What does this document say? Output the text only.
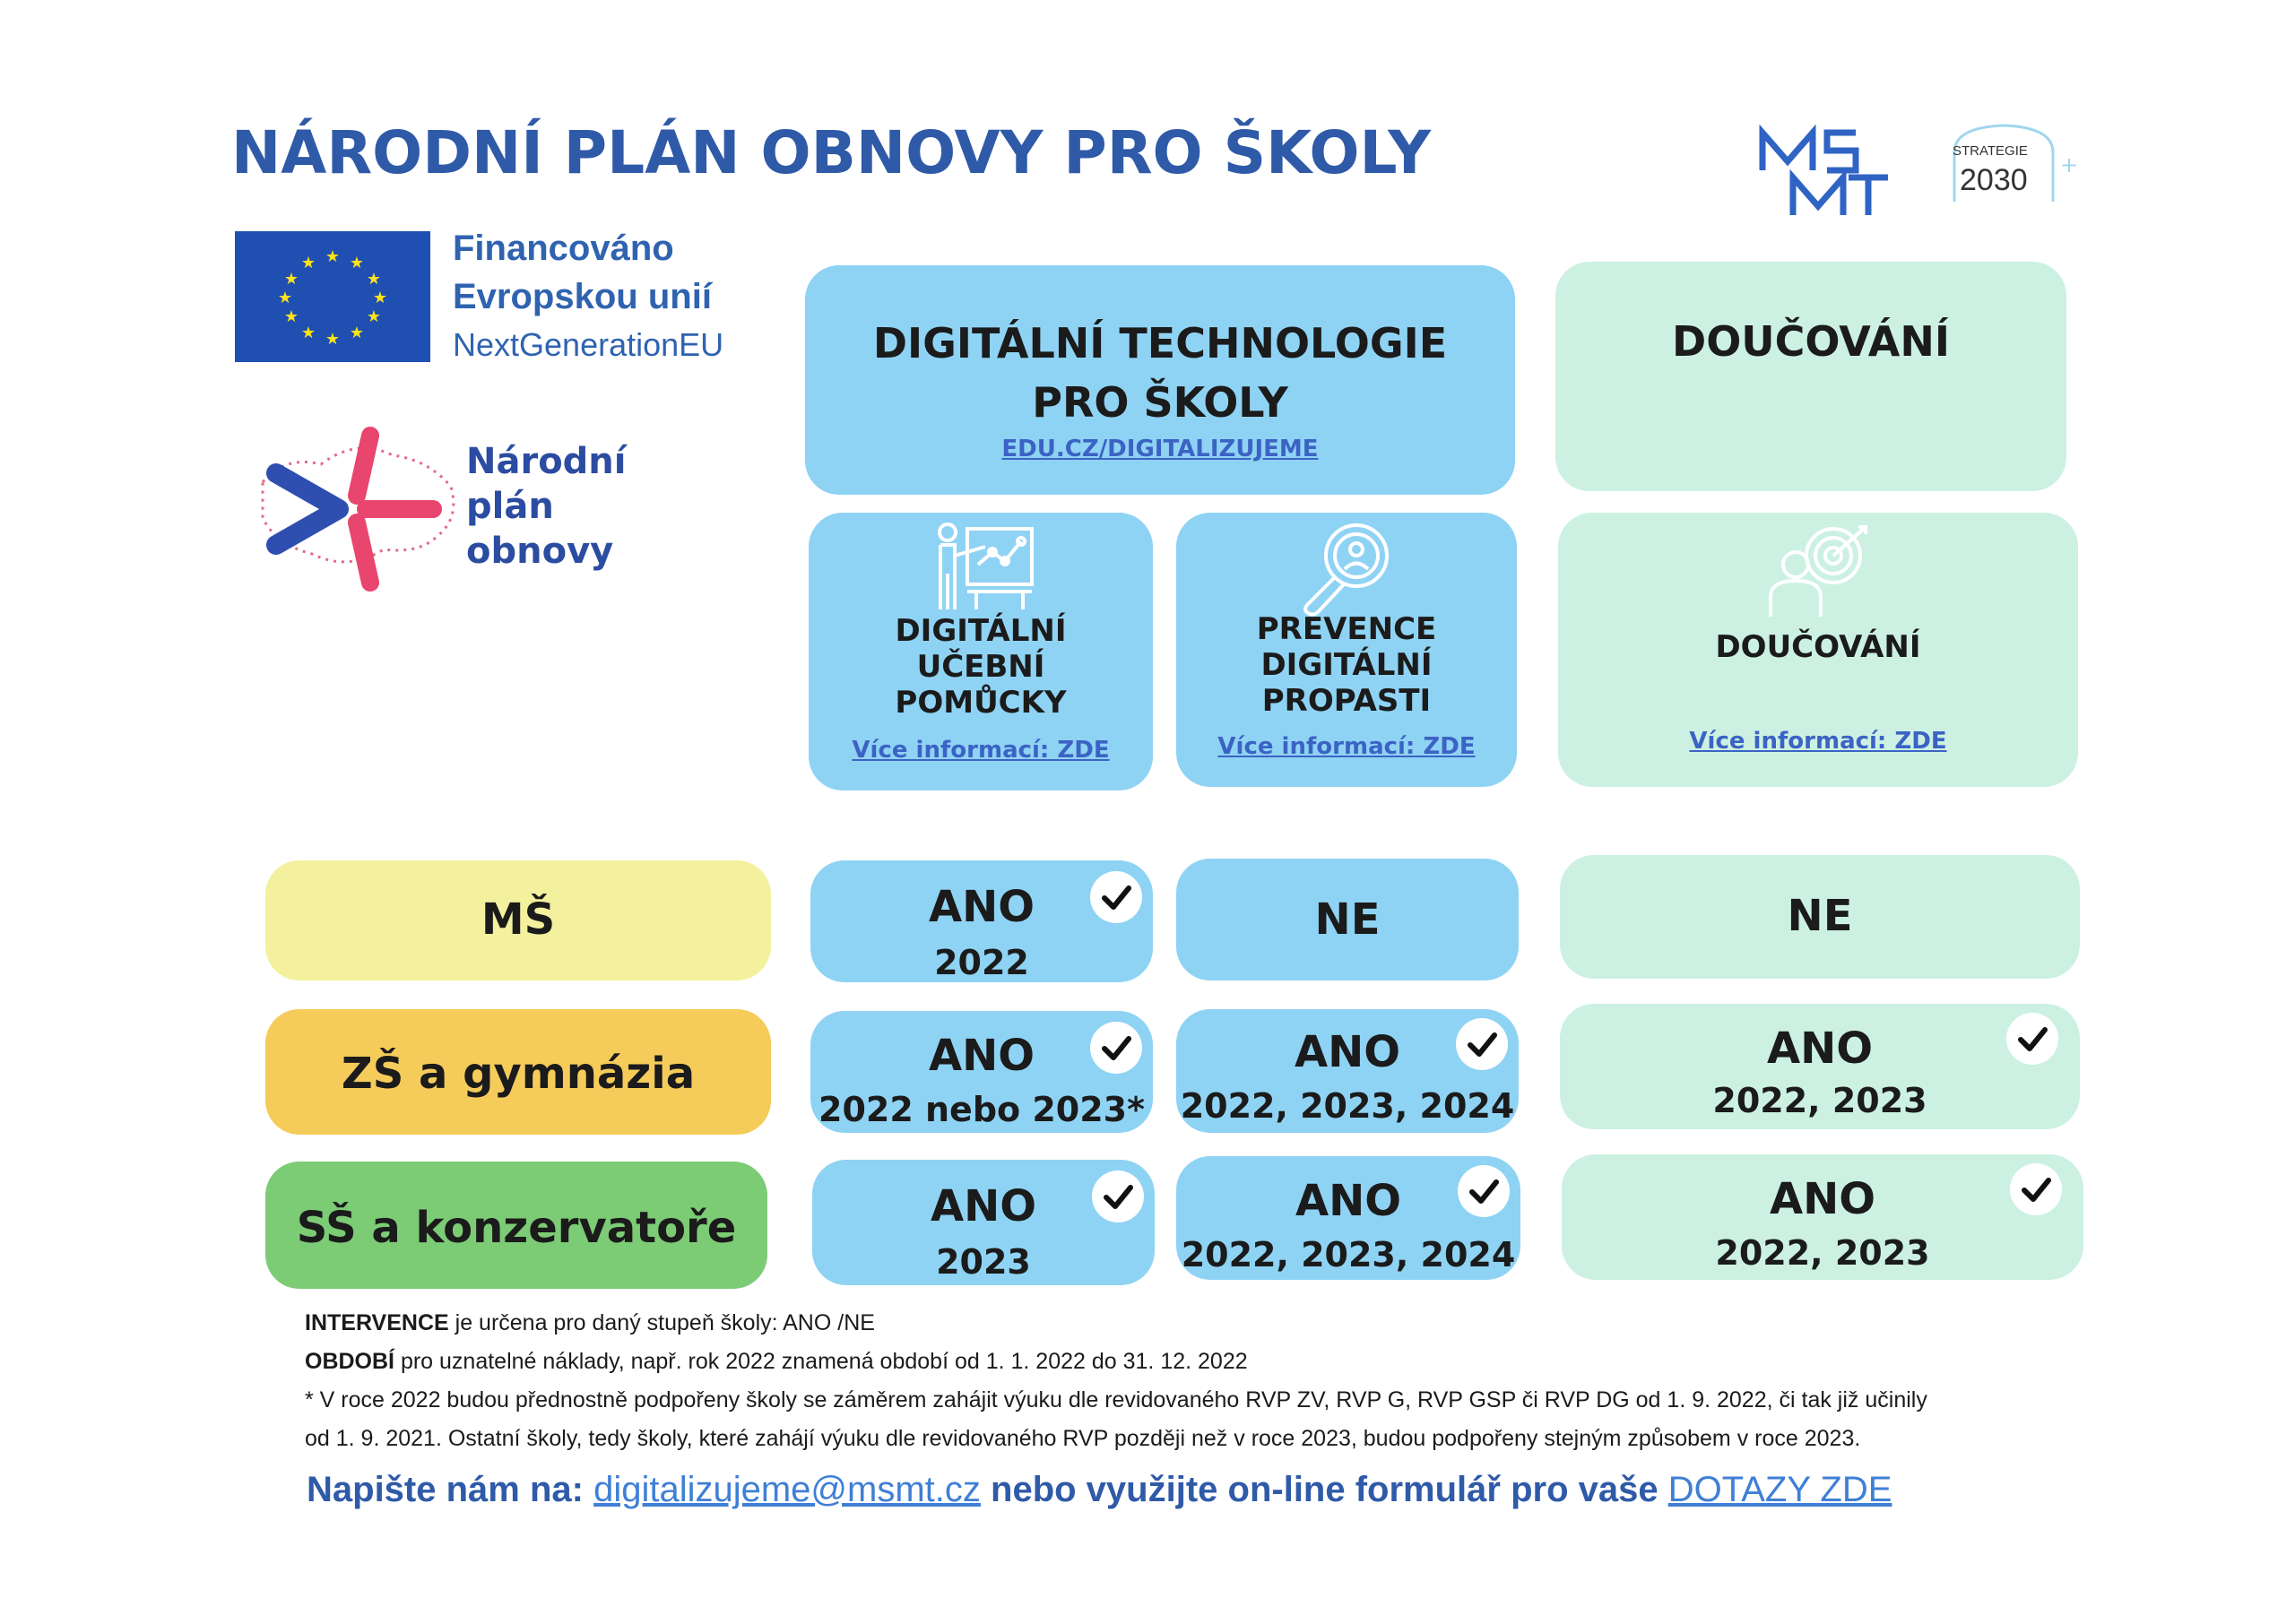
NÁRODNÍ PLÁN OBNOVY PRO ŠKOLY
★ ★
★
★
★
★
★
★
★
★
★
★	Financováno
Evropskou unií
NextGenerationEU
Národní
plán
obnovy
MŠMT
+
STRATEGIE
2030
DIGITÁLNÍ TECHNOLOGIE
PRO ŠKOLY
EDU.CZ/DIGITALIZUJEME
DOUČOVÁNÍ
DIGITÁLNÍ
UČEBNÍ
POMŮCKY
Více informací: ZDE
PREVENCE
DIGITÁLNÍ
PROPASTI
Více informací: ZDE
DOUČOVÁNÍ
Více informací: ZDE
MŠ
ZŠ a gymnázia
SŠ a konzervatoře
ANO
2022
NE	NE
ANO
2022 nebo 2023*
ANO
2022, 2023, 2024
ANO
2022, 2023
ANO
2023
ANO
2022, 2023, 2024
ANO
2022, 2023
INTERVENCE je určena pro daný stupeň školy: ANO /NE
OBDOBÍ pro uznatelné náklady, např. rok 2022 znamená období od 1. 1. 2022 do 31. 12. 2022
* V roce 2022 budou přednostně podpořeny školy se záměrem zahájit výuku dle revidovaného RVP ZV, RVP G, RVP GSP či RVP DG od 1. 9. 2022, či tak již učinily
od 1. 9. 2021. Ostatní školy, tedy školy, které zahájí výuku dle revidovaného RVP později než v roce 2023, budou podpořeny stejným způsobem v roce 2023.
Napište nám na: digitalizujeme@msmt.cz nebo využijte on-line formulář pro vaše DOTAZY ZDE
